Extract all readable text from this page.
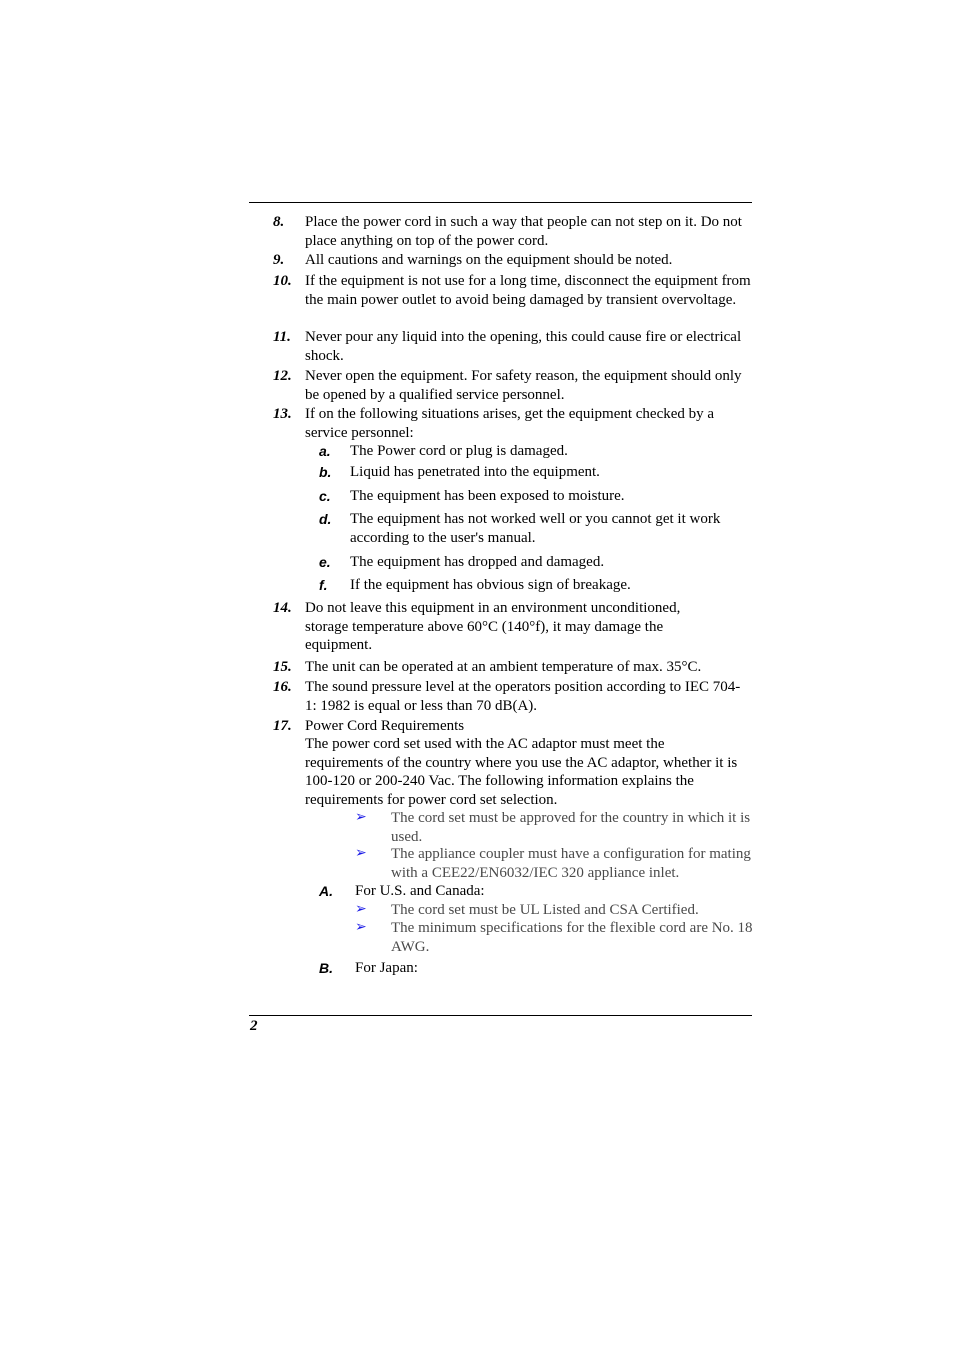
8.	Place the power cord in such a way that people can not step on it. Do not place anything on top of the power cord.
9.	All cautions and warnings on the equipment should be noted.
10. If the equipment is not use for a long time, disconnect the equipment from the main power outlet to avoid being damaged by transient overvoltage.
11. Never pour any liquid into the opening, this could cause fire or electrical shock.
12. Never open the equipment. For safety reason, the equipment should only be opened by a qualified service personnel.
13. If on the following situations arises, get the equipment checked by a service personnel:
a. The Power cord or plug is damaged.
b. Liquid has penetrated into the equipment.
c. The equipment has been exposed to moisture.
d. The equipment has not worked well or you cannot get it work according to the user's manual.
e. The equipment has dropped and damaged.
f. If the equipment has obvious sign of breakage.
14. Do not leave this equipment in an environment unconditioned, storage temperature above 60°C (140°f), it may damage the equipment.
15. The unit can be operated at an ambient temperature of max. 35°C.
16. The sound pressure level at the operators position according to IEC 704-1: 1982 is equal or less than 70 dB(A).
17. Power Cord Requirements
The power cord set used with the AC adaptor must meet the requirements of the country where you use the AC adaptor, whether it is 100-120 or 200-240 Vac. The following information explains the requirements for power cord set selection.
➢ The cord set must be approved for the country in which it is used.
➢ The appliance coupler must have a configuration for mating with a CEE22/EN6032/IEC 320 appliance inlet.
A. For U.S. and Canada:
➢ The cord set must be UL Listed and CSA Certified.
➢ The minimum specifications for the flexible cord are No. 18 AWG.
B. For Japan:
2
